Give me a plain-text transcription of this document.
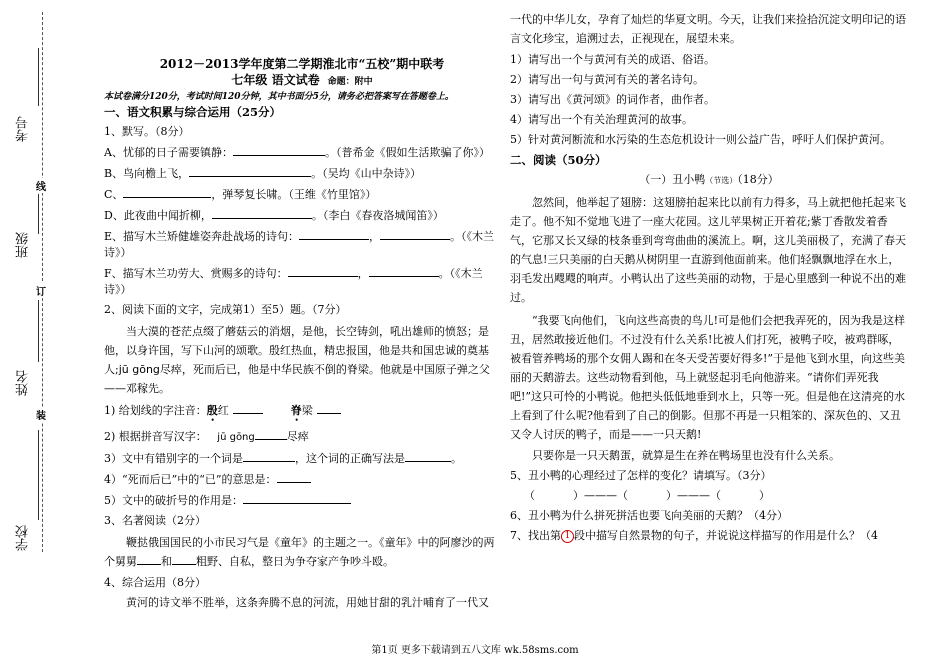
考号
线
班级
订
姓名
装
学校

2012－2013学年度第二学期淮北市“五校”期中联考

七年级 语文试卷 命题：附中

本试卷满分120分，考试时间120分钟，其中书面分5分，请务必把答案写在答题卷上。

一、语文积累与综合运用（25分）

1、默写。（8分）

A、忧郁的日子需要镇静：	。（普希金《假如生活欺骗了你》）

B、鸟向檐上飞，	。（吴均《山中杂诗》）

C、	，弹琴复长啸。（王维《竹里馆》）

D、此夜曲中闻折柳，	。（李白《春夜洛城闻笛》）

E、描写木兰矫健雄姿奔赴战场的诗句：	，	。（《木兰

诗》）

F、描写木兰功劳大、赏赐多的诗句：	，	。（《木兰

诗》）

2、阅读下面的文字，完成第1）至5）题。（7分）

当大漠的苍茫点缀了蘑菇云的消烟，是他，长空铸剑，吼出雄师的愤怒；是他，以身许国，写下山河的颂歌。殷红热血，精忠报国，他是共和国忠诚的奠基人;jū gōng尽瘁，死而后已，他是中华民族不倒的脊梁。他就是中国原子弹之父——邓稼先。

1) 给划线的字注音：殷红	脊梁

2) 根据拼音写汉字： jū gōng	尽瘁

3）文中有错别字的一个词是	，这个词的正确写法是	。

4）“死而后已”中的“已”的意思是：

5）文中的破折号的作用是：

3、名著阅读（2分）

鞭挞俄国国民的小市民习气是《童年》的主题之一。《童年》中的阿廖沙的两个舅舅 和 粗野、自私，整日为争夺家产争吵斗殴。

4、综合运用（8分）

黄河的诗文举不胜举，这条奔腾不息的河流，用她甘甜的乳汁哺育了一代又

一代的中华儿女，孕育了灿烂的华夏文明。今天，让我们来捡拾沉淀文明印记的语言文化珍宝，追溯过去，正视现在，展望未来。

1）请写出一个与黄河有关的成语、俗语。

2）请写出一句与黄河有关的著名诗句。

3）请写出《黄河颂》的词作者，曲作者。

4）请写出一个有关治理黄河的故事。

5）针对黄河断流和水污染的生态危机设计一则公益广告，呼吁人们保护黄河。

二、阅读（50分）

（一）丑小鸭（节选）（18分）

忽然间，他举起了翅膀：这翅膀拍起来比以前有力得多，马上就把他托起来飞走了。他不知不觉地飞进了一座大花园。这儿苹果树正开着花;紫丁香散发着香气，它那又长又绿的枝条垂到弯弯曲曲的溪流上。啊，这儿美丽极了，充满了春天的气息!三只美丽的白天鹅从树阴里一直游到他面前来。他们轻飘飘地浮在水上，羽毛发出飕飕的响声。小鸭认出了这些美丽的动物，于是心里感到一种说不出的难过。

“我要飞向他们，飞向这些高贵的鸟儿!可是他们会把我弄死的，因为我是这样丑，居然敢接近他们。不过没有什么关系!比被人们打死，被鸭子咬，被鸡群啄，被看管养鸭场的那个女佣人踢和在冬天受苦要好得多!”于是他飞到水里，向这些美丽的天鹅游去。这些动物看到他，马上就竖起羽毛向他游来。“请你们弄死我吧!”这只可怜的小鸭说。他把头低低地垂到水上，只等一死。但是他在这清亮的水上看到了什么呢?他看到了自己的倒影。但那不再是一只粗笨的、深灰色的、又丑又令人讨厌的鸭子，而是——一只天鹅!

只要你是一只天鹅蛋，就算是生在养在鸭场里也没有什么关系。

5、丑小鸭的心理经过了怎样的变化？请填写。（3分）

（	）———（	）———（	）

6、丑小鸭为什么拼死拼活也要飞向美丽的天鹅？（4分）

7、找出第 1 段中描写自然景物的句子，并说说这样描写的作用是什么？（4

第1页 更多下载请到五八文库 wk.58sms.com
